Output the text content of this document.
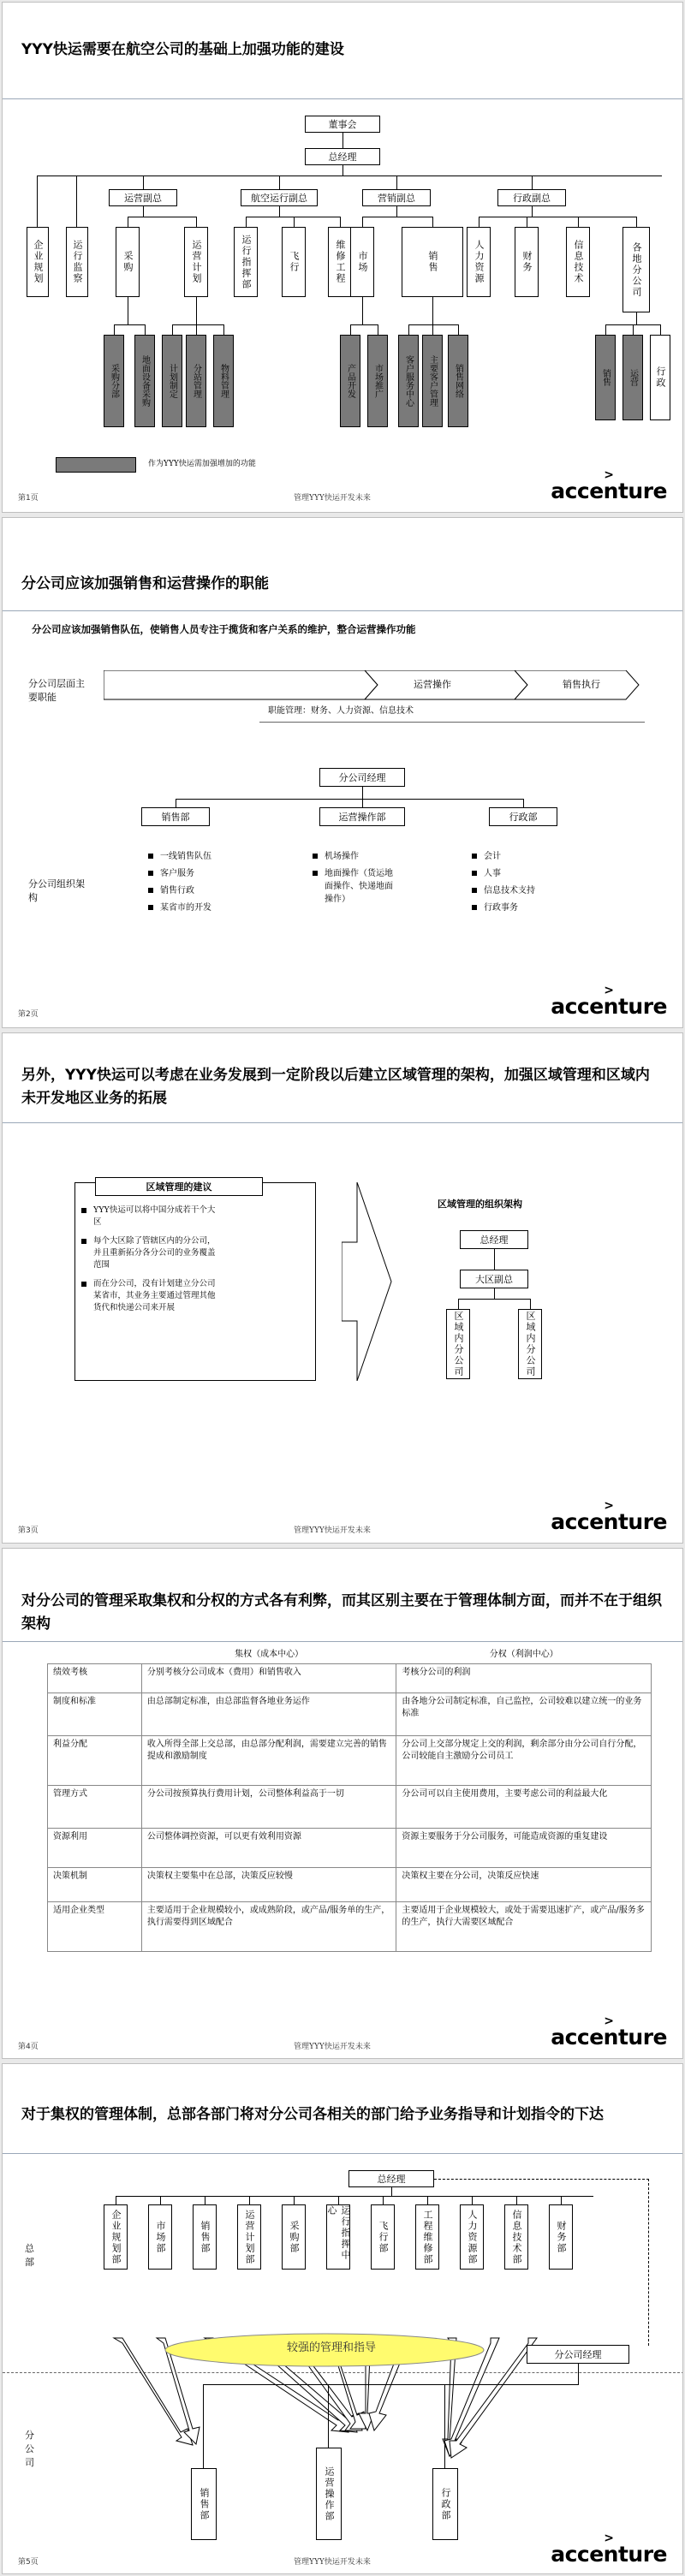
YYY快运需要在航空公司的基础上加强功能的建设
董事会
总经理
企业规划	运行监察
运营副总	航空运行副总	营销副总	行政副总
采购	运营计划	运行指挥部	飞行	维修工程	市场	销售	人力资源	财务	信息技术	各地分公司
采购分部	地面设备采购	计划制定	分站管理	物料管理	产品开发	市场推广	客户服务中心	主要客户管理	销售网络	销售	运营	行政
作为YYY快运需加强增加的功能
第1页	管理YYY快运开发未来
>
accenture
分公司应该加强销售和运营操作的职能
分公司应该加强销售队伍，使销售人员专注于揽货和客户关系的维护，整合运营操作功能
分公司层面主要职能
运营操作	销售执行
职能管理：财务、人力资源、信息技术
分公司经理
销售部	运营操作部	行政部
分公司组织架构
一线销售队伍
客户服务
销售行政
某省市的开发
机场操作
地面操作（货运地面操作、快递地面操作）
会计
人事
信息技术支持
行政事务
第2页
>
accenture
另外，YYY快运可以考虑在业务发展到一定阶段以后建立区域管理的架构，加强区域管理和区域内未开发地区业务的拓展
区域管理的建议
YYY快运可以将中国分成若干个大区
每个大区除了管辖区内的分公司，并且重新拓分各分公司的业务覆盖范围
而在分公司，没有计划建立分公司某省市，其业务主要通过管理其他货代和快递公司来开展
区域管理的组织架构
总经理
大区副总
区域内分公司	区域内分公司
第3页	管理YYY快运开发未来
>
accenture
对分公司的管理采取集权和分权的方式各有利弊，而其区别主要在于管理体制方面，而并不在于组织架构
	集权（成本中心）	分权（利润中心）
绩效考核	分别考核分公司成本（费用）和销售收入	考核分公司的利润
制度和标准	由总部制定标准，由总部监督各地业务运作	由各地分公司制定标准，自己监控，公司较难以建立统一的业务标准
利益分配	收入所得全部上交总部，由总部分配利润，需要建立完善的销售提成和激励制度	分公司上交部分规定上交的利润，剩余部分由分公司自行分配，公司较能自主激励分公司员工
管理方式	分公司按预算执行费用计划，公司整体利益高于一切	分公司可以自主使用费用，主要考虑公司的利益最大化
资源利用	公司整体调控资源，可以更有效利用资源	资源主要服务于分公司服务，可能造成资源的重复建设
决策机制	决策权主要集中在总部，决策反应较慢	决策权主要在分公司，决策反应快速
适用企业类型	主要适用于企业规模较小，或成熟阶段，或产品/服务单的生产，执行需要得到区域配合	主要适用于企业规模较大，或处于需要迅速扩产，或产品/服务多的生产，执行大需要区域配合
第4页	管理YYY快运开发未来
>
accenture
对于集权的管理体制，总部各部门将对分公司各相关的部门给予业务指导和计划指令的下达
总部
分公司
总经理
企业规划部	市场部	销售部	运营计划部	采购部	运行指挥中心
飞行部	工程维修部	人力资源部	信息技术部	财务部
较强的管理和指导
分公司经理
销售部	运营操作部	行政部
第5页	管理YYY快运开发未来
>
accenture
